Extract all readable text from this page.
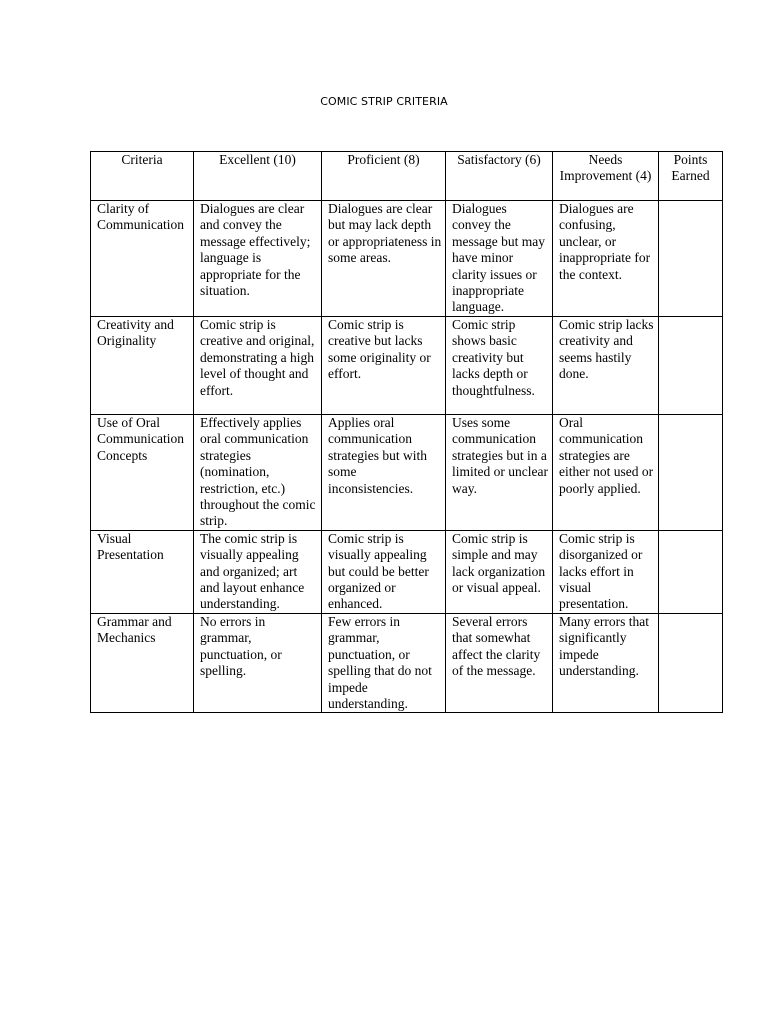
COMIC STRIP CRITERIA
Criteria	Excellent (10)	Proficient (8)	Satisfactory (6)	Needs Improvement (4)	Points Earned
Clarity of Communication	Dialogues are clear and convey the message effectively; language is appropriate for the situation.	Dialogues are clear but may lack depth or appropriateness in some areas.	Dialogues convey the message but may have minor clarity issues or inappropriate language.	Dialogues are confusing, unclear, or inappropriate for the context.	
Creativity and Originality	Comic strip is creative and original, demonstrating a high level of thought and effort.	Comic strip is creative but lacks some originality or effort.	Comic strip shows basic creativity but lacks depth or thoughtfulness.	Comic strip lacks creativity and seems hastily done.	
Use of Oral Communication Concepts	Effectively applies oral communication strategies (nomination, restriction, etc.) throughout the comic strip.	Applies oral communication strategies but with some inconsistencies.	Uses some communication strategies but in a limited or unclear way.	Oral communication strategies are either not used or poorly applied.	
Visual Presentation	The comic strip is visually appealing and organized; art and layout enhance understanding.	Comic strip is visually appealing but could be better organized or enhanced.	Comic strip is simple and may lack organization or visual appeal.	Comic strip is disorganized or lacks effort in visual presentation.	
Grammar and Mechanics	No errors in grammar, punctuation, or spelling.	Few errors in grammar, punctuation, or spelling that do not impede understanding.	Several errors that somewhat affect the clarity of the message.	Many errors that significantly impede understanding.	
